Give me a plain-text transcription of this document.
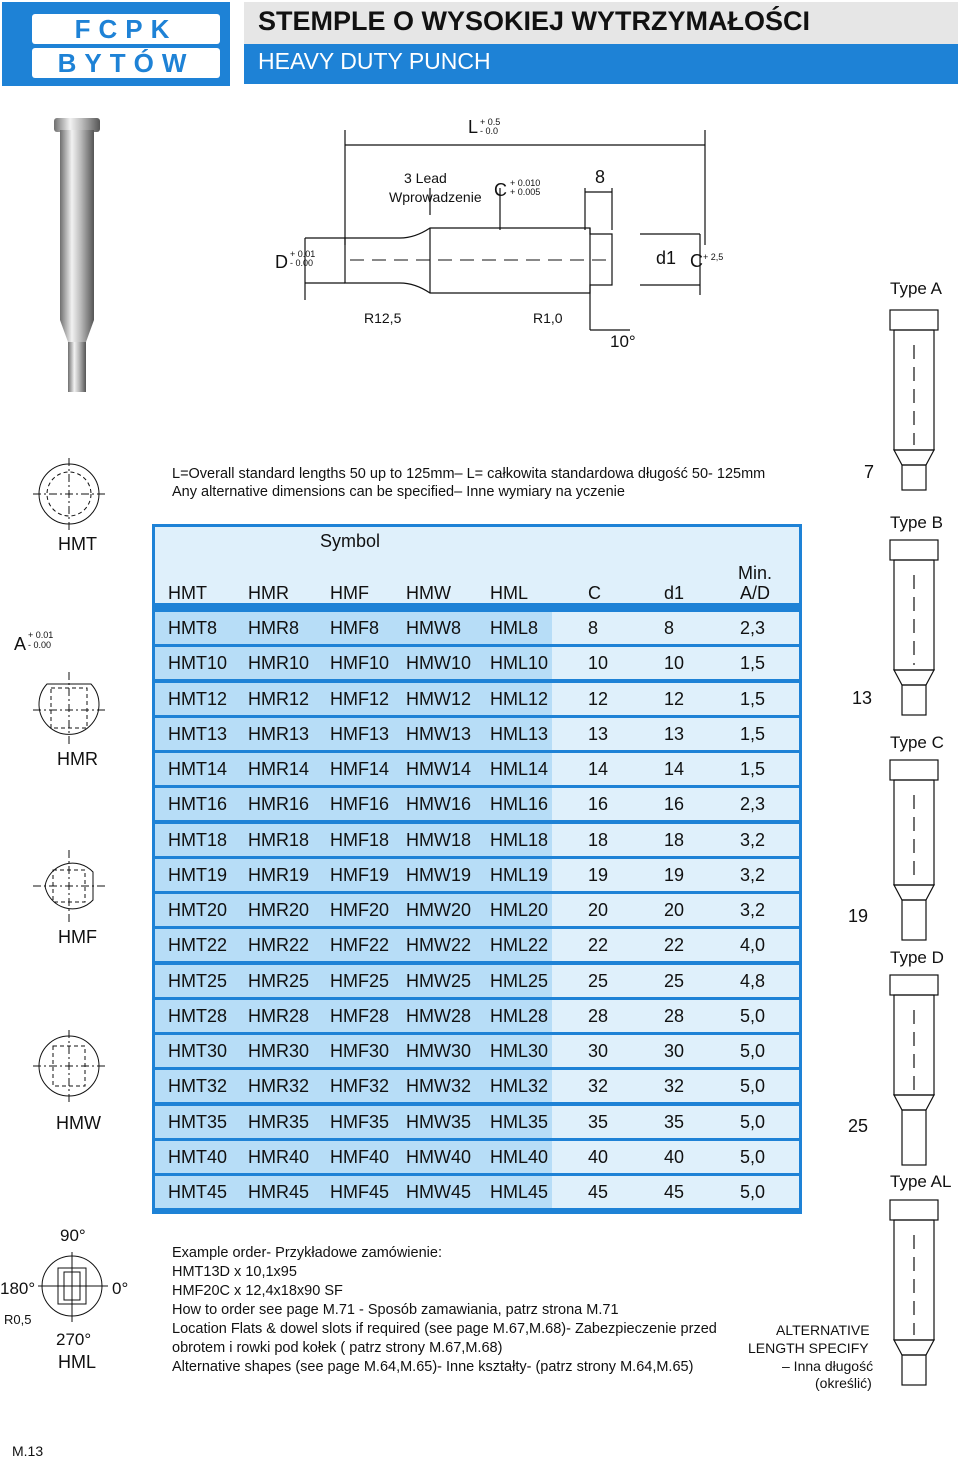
FCPK
BYTÓW
STEMPLE O WYSOKIEJ WYTRZYMAŁOŚCI
HEAVY DUTY PUNCH
L + 0.5
- 0.0
3 Lead
Wprowadzenie C + 0.010
+ 0.005
8
D + 0.01
- 0.00	d1 C + 2,5
R12,5	R1,0
10°
L=Overall standard lengths 50 up to 125mm– L= całkowita standardowa długość 50- 125mm
Any alternative dimensions can be specified– Inne wymiary na yczenie
HMT
A + 0.01
- 0.00
HMR
HMF
HMW
90°
180°	0°
R0,5
270°
HML
Symbol
Min.
HMT HMR HMF HMW HML	C	d1	A/D
HMT8 HMR8 HMF8 HMW8 HML8	8	8	2,3
HMT10 HMR10 HMF10 HMW10 HML10 10	10	1,5
HMT12 HMR12 HMF12 HMW12 HML12 12	12	1,5
HMT13 HMR13 HMF13 HMW13 HML13 13	13	1,5
HMT14 HMR14 HMF14 HMW14 HML14 14	14	1,5
HMT16 HMR16 HMF16 HMW16 HML16 16	16	2,3
HMT18 HMR18 HMF18 HMW18 HML18 18	18	3,2
HMT19 HMR19 HMF19 HMW19 HML19 19	19	3,2
HMT20 HMR20 HMF20 HMW20 HML20 20	20	3,2
HMT22 HMR22 HMF22 HMW22 HML22 22	22	4,0
HMT25 HMR25 HMF25 HMW25 HML25 25	25	4,8
HMT28 HMR28 HMF28 HMW28 HML28 28	28	5,0
HMT30 HMR30 HMF30 HMW30 HML30 30	30	5,0
HMT32 HMR32 HMF32 HMW32 HML32 32	32	5,0
HMT35 HMR35 HMF35 HMW35 HML35 35	35	5,0
HMT40 HMR40 HMF40 HMW40 HML40 40	40	5,0
HMT45 HMR45 HMF45 HMW45 HML45 45	45	5,0
Type A
Type B
Type C
Type D
Type AL
7
13
19
25
Example order- Przykładowe zamówienie:
HMT13D x 10,1x95
HMF20C x 12,4x18x90 SF
How to order see page M.71 - Sposób zamawiania, patrz strona M.71
Location Flats & dowel slots if required (see page M.67,M.68)- Zabezpieczenie przed
obrotem i rowki pod kołek ( patrz strony M.67,M.68)
Alternative shapes (see page M.64,M.65)- Inne kształty- (patrz strony M.64,M.65)
ALTERNATIVE
LENGTH SPECIFY
– Inna długość
(określić)
M.13
